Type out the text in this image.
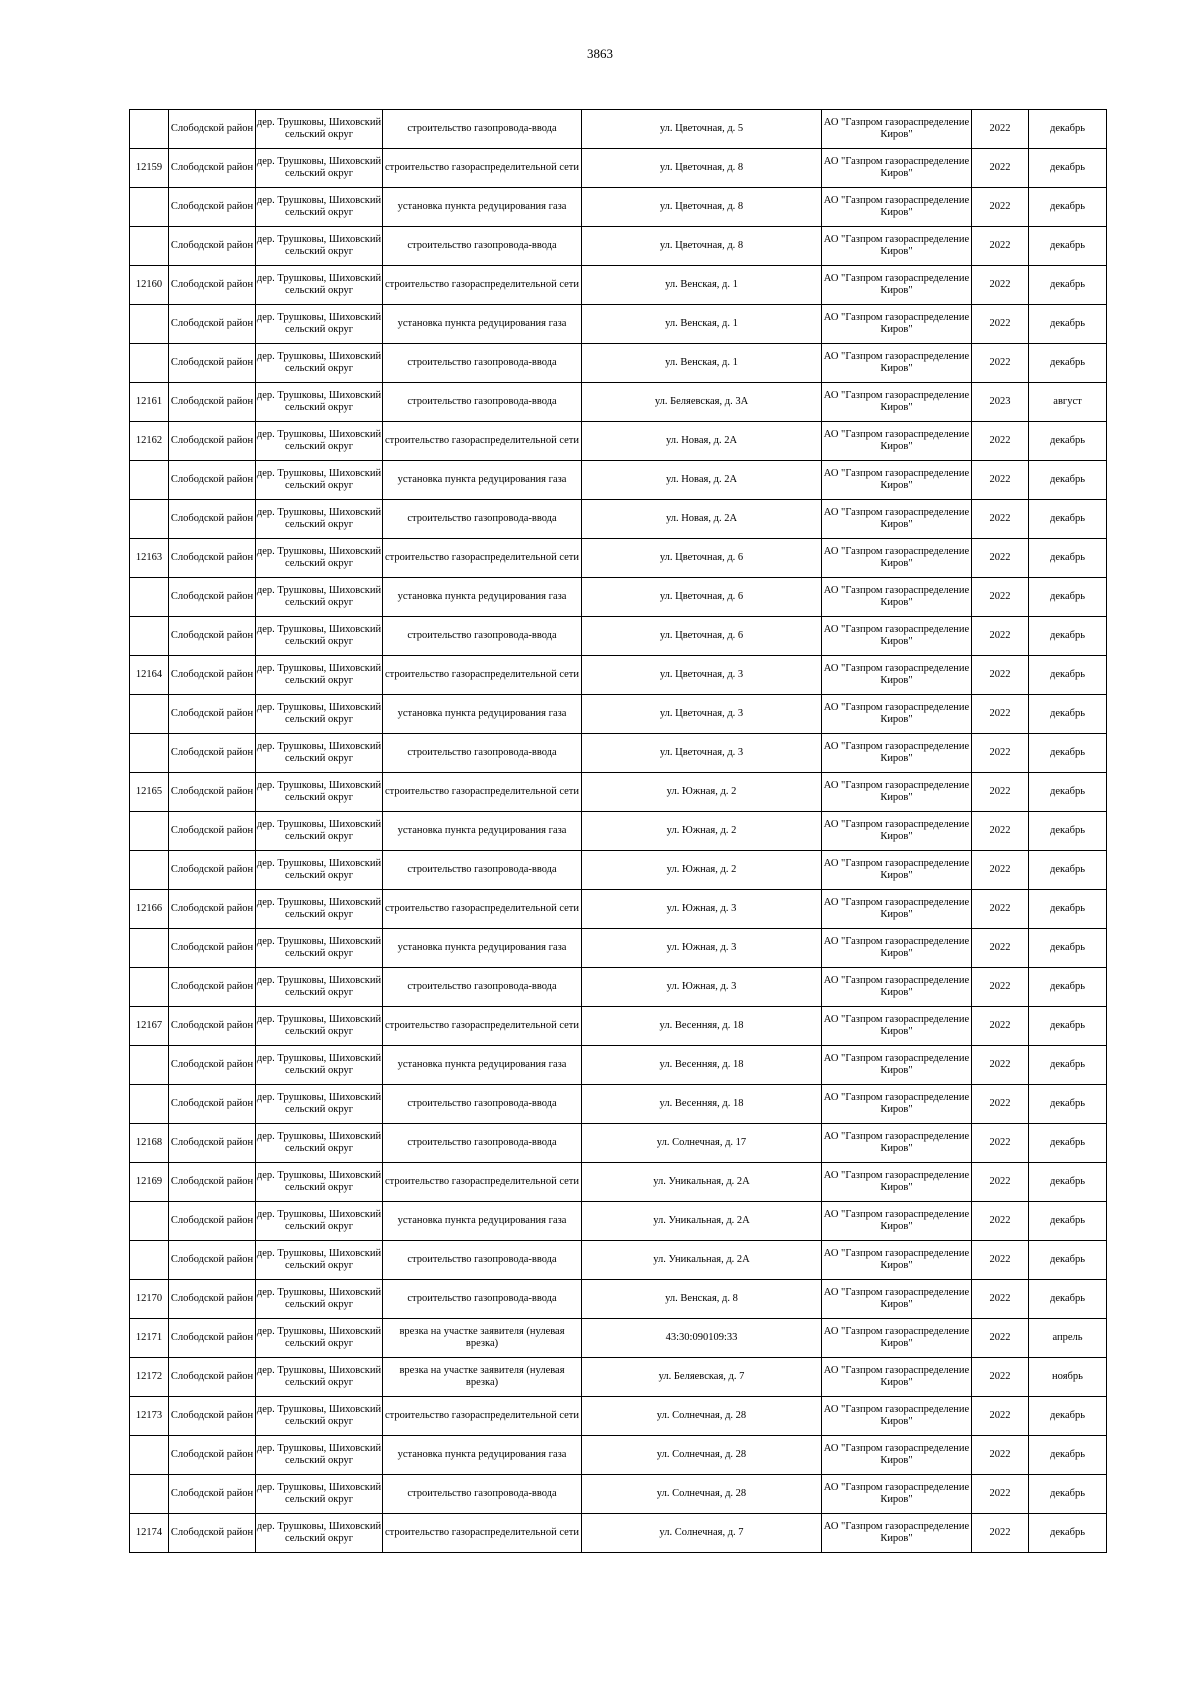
3863
	Слободской район	дер. Трушковы, Шиховский сельский округ	строительство газопровода-ввода	ул. Цветочная, д. 5	АО "Газпром газораспределение Киров"	2022	декабрь
12159	Слободской район	дер. Трушковы, Шиховский сельский округ	строительство газораспределительной сети	ул. Цветочная, д. 8	АО "Газпром газораспределение Киров"	2022	декабрь
	Слободской район	дер. Трушковы, Шиховский сельский округ	установка пункта редуцирования газа	ул. Цветочная, д. 8	АО "Газпром газораспределение Киров"	2022	декабрь
	Слободской район	дер. Трушковы, Шиховский сельский округ	строительство газопровода-ввода	ул. Цветочная, д. 8	АО "Газпром газораспределение Киров"	2022	декабрь
12160	Слободской район	дер. Трушковы, Шиховский сельский округ	строительство газораспределительной сети	ул. Венская, д. 1	АО "Газпром газораспределение Киров"	2022	декабрь
	Слободской район	дер. Трушковы, Шиховский сельский округ	установка пункта редуцирования газа	ул. Венская, д. 1	АО "Газпром газораспределение Киров"	2022	декабрь
	Слободской район	дер. Трушковы, Шиховский сельский округ	строительство газопровода-ввода	ул. Венская, д. 1	АО "Газпром газораспределение Киров"	2022	декабрь
12161	Слободской район	дер. Трушковы, Шиховский сельский округ	строительство газопровода-ввода	ул. Беляевская, д. 3А	АО "Газпром газораспределение Киров"	2023	август
12162	Слободской район	дер. Трушковы, Шиховский сельский округ	строительство газораспределительной сети	ул. Новая, д. 2А	АО "Газпром газораспределение Киров"	2022	декабрь
	Слободской район	дер. Трушковы, Шиховский сельский округ	установка пункта редуцирования газа	ул. Новая, д. 2А	АО "Газпром газораспределение Киров"	2022	декабрь
	Слободской район	дер. Трушковы, Шиховский сельский округ	строительство газопровода-ввода	ул. Новая, д. 2А	АО "Газпром газораспределение Киров"	2022	декабрь
12163	Слободской район	дер. Трушковы, Шиховский сельский округ	строительство газораспределительной сети	ул. Цветочная, д. 6	АО "Газпром газораспределение Киров"	2022	декабрь
	Слободской район	дер. Трушковы, Шиховский сельский округ	установка пункта редуцирования газа	ул. Цветочная, д. 6	АО "Газпром газораспределение Киров"	2022	декабрь
	Слободской район	дер. Трушковы, Шиховский сельский округ	строительство газопровода-ввода	ул. Цветочная, д. 6	АО "Газпром газораспределение Киров"	2022	декабрь
12164	Слободской район	дер. Трушковы, Шиховский сельский округ	строительство газораспределительной сети	ул. Цветочная, д. 3	АО "Газпром газораспределение Киров"	2022	декабрь
	Слободской район	дер. Трушковы, Шиховский сельский округ	установка пункта редуцирования газа	ул. Цветочная, д. 3	АО "Газпром газораспределение Киров"	2022	декабрь
	Слободской район	дер. Трушковы, Шиховский сельский округ	строительство газопровода-ввода	ул. Цветочная, д. 3	АО "Газпром газораспределение Киров"	2022	декабрь
12165	Слободской район	дер. Трушковы, Шиховский сельский округ	строительство газораспределительной сети	ул. Южная, д. 2	АО "Газпром газораспределение Киров"	2022	декабрь
	Слободской район	дер. Трушковы, Шиховский сельский округ	установка пункта редуцирования газа	ул. Южная, д. 2	АО "Газпром газораспределение Киров"	2022	декабрь
	Слободской район	дер. Трушковы, Шиховский сельский округ	строительство газопровода-ввода	ул. Южная, д. 2	АО "Газпром газораспределение Киров"	2022	декабрь
12166	Слободской район	дер. Трушковы, Шиховский сельский округ	строительство газораспределительной сети	ул. Южная, д. 3	АО "Газпром газораспределение Киров"	2022	декабрь
	Слободской район	дер. Трушковы, Шиховский сельский округ	установка пункта редуцирования газа	ул. Южная, д. 3	АО "Газпром газораспределение Киров"	2022	декабрь
	Слободской район	дер. Трушковы, Шиховский сельский округ	строительство газопровода-ввода	ул. Южная, д. 3	АО "Газпром газораспределение Киров"	2022	декабрь
12167	Слободской район	дер. Трушковы, Шиховский сельский округ	строительство газораспределительной сети	ул. Весенняя, д. 18	АО "Газпром газораспределение Киров"	2022	декабрь
	Слободской район	дер. Трушковы, Шиховский сельский округ	установка пункта редуцирования газа	ул. Весенняя, д. 18	АО "Газпром газораспределение Киров"	2022	декабрь
	Слободской район	дер. Трушковы, Шиховский сельский округ	строительство газопровода-ввода	ул. Весенняя, д. 18	АО "Газпром газораспределение Киров"	2022	декабрь
12168	Слободской район	дер. Трушковы, Шиховский сельский округ	строительство газопровода-ввода	ул. Солнечная, д. 17	АО "Газпром газораспределение Киров"	2022	декабрь
12169	Слободской район	дер. Трушковы, Шиховский сельский округ	строительство газораспределительной сети	ул. Уникальная, д. 2А	АО "Газпром газораспределение Киров"	2022	декабрь
	Слободской район	дер. Трушковы, Шиховский сельский округ	установка пункта редуцирования газа	ул. Уникальная, д. 2А	АО "Газпром газораспределение Киров"	2022	декабрь
	Слободской район	дер. Трушковы, Шиховский сельский округ	строительство газопровода-ввода	ул. Уникальная, д. 2А	АО "Газпром газораспределение Киров"	2022	декабрь
12170	Слободской район	дер. Трушковы, Шиховский сельский округ	строительство газопровода-ввода	ул. Венская, д. 8	АО "Газпром газораспределение Киров"	2022	декабрь
12171	Слободской район	дер. Трушковы, Шиховский сельский округ	врезка на участке заявителя (нулевая врезка)	43:30:090109:33	АО "Газпром газораспределение Киров"	2022	апрель
12172	Слободской район	дер. Трушковы, Шиховский сельский округ	врезка на участке заявителя (нулевая врезка)	ул. Беляевская, д. 7	АО "Газпром газораспределение Киров"	2022	ноябрь
12173	Слободской район	дер. Трушковы, Шиховский сельский округ	строительство газораспределительной сети	ул. Солнечная, д. 28	АО "Газпром газораспределение Киров"	2022	декабрь
	Слободской район	дер. Трушковы, Шиховский сельский округ	установка пункта редуцирования газа	ул. Солнечная, д. 28	АО "Газпром газораспределение Киров"	2022	декабрь
	Слободской район	дер. Трушковы, Шиховский сельский округ	строительство газопровода-ввода	ул. Солнечная, д. 28	АО "Газпром газораспределение Киров"	2022	декабрь
12174	Слободской район	дер. Трушковы, Шиховский сельский округ	строительство газораспределительной сети	ул. Солнечная, д. 7	АО "Газпром газораспределение Киров"	2022	декабрь
